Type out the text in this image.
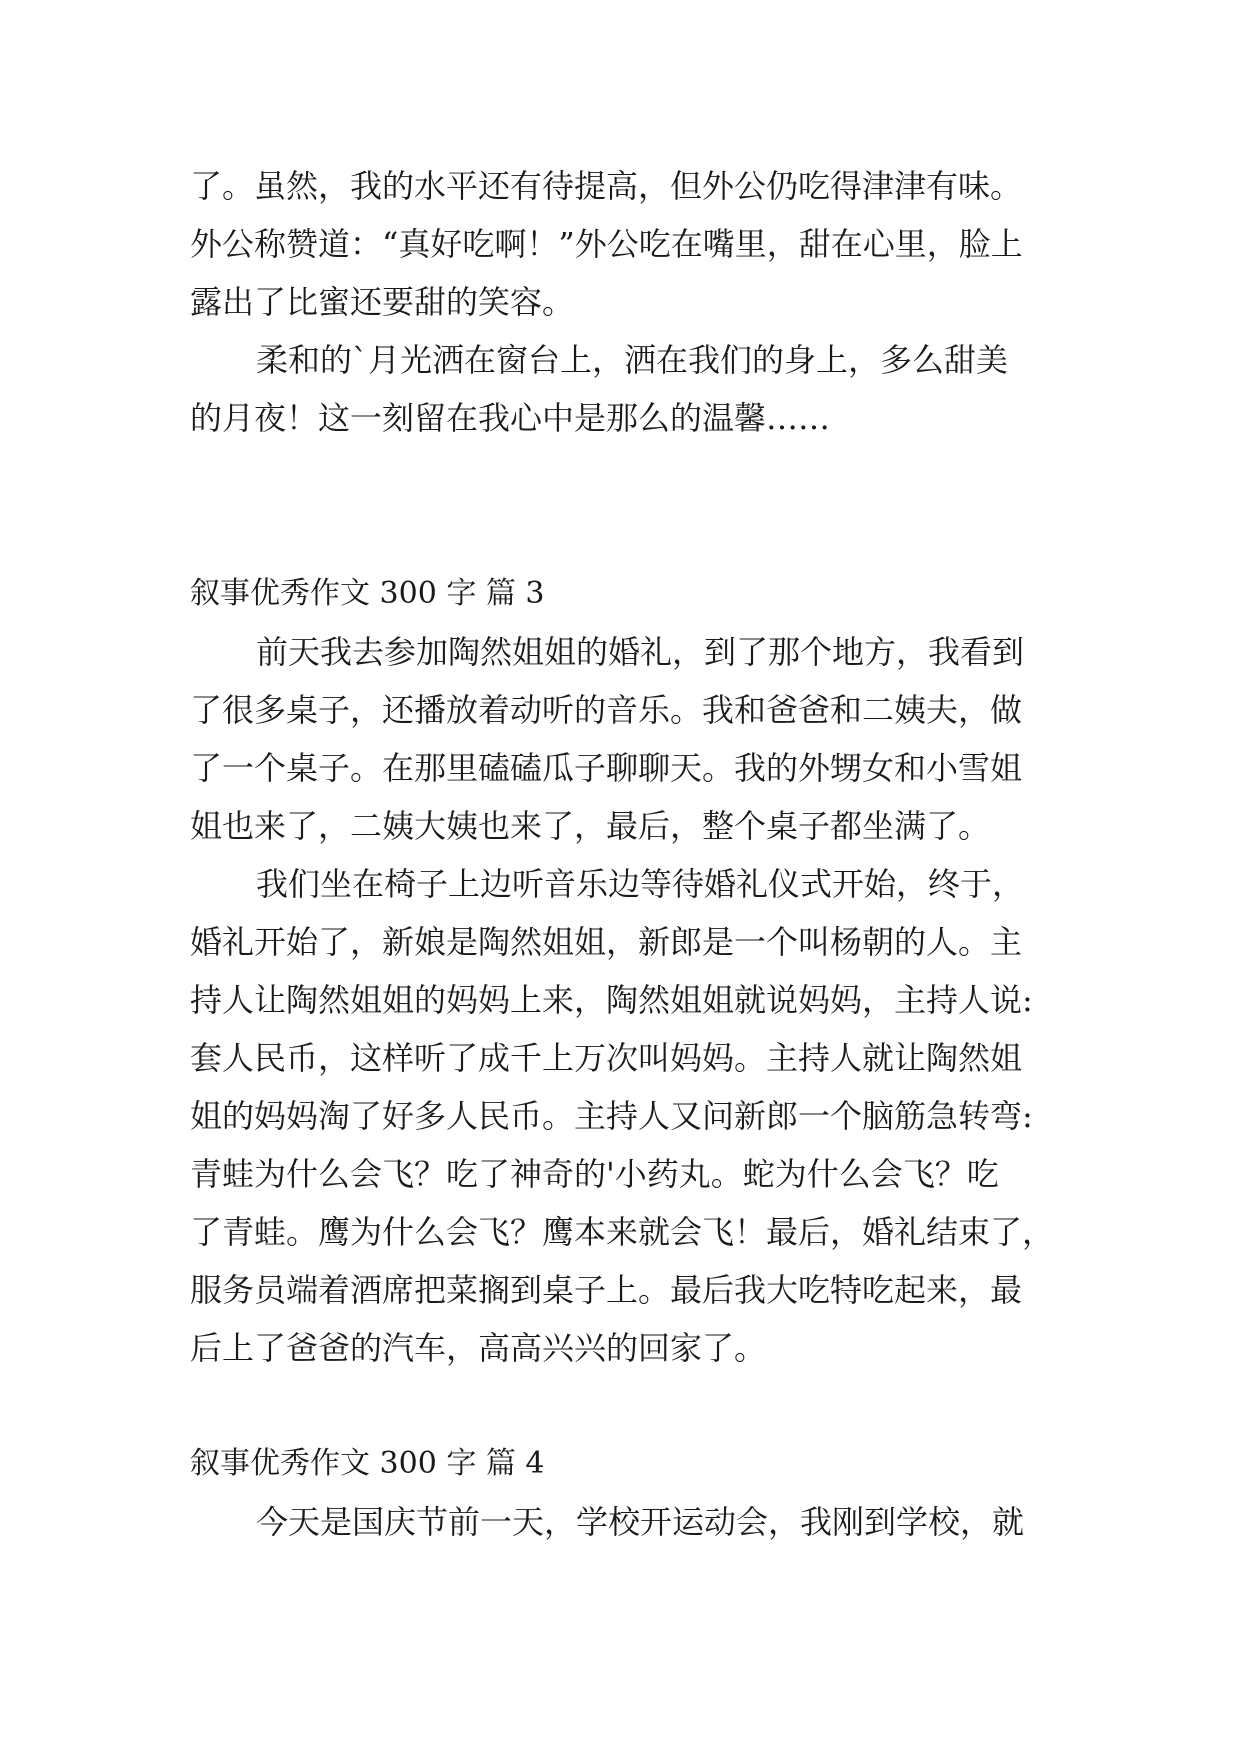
了。虽然，我的水平还有待提高，但外公仍吃得津津有味。
外公称赞道：“真好吃啊！”外公吃在嘴里，甜在心里，脸上
露出了比蜜还要甜的笑容。
柔和的`月光洒在窗台上，洒在我们的身上，多么甜美
的月夜！这一刻留在我心中是那么的温馨……
叙事优秀作文 300 字 篇 3
前天我去参加陶然姐姐的婚礼，到了那个地方，我看到
了很多桌子，还播放着动听的音乐。我和爸爸和二姨夫，做
了一个桌子。在那里磕磕瓜子聊聊天。我的外甥女和小雪姐
姐也来了，二姨大姨也来了，最后，整个桌子都坐满了。
我们坐在椅子上边听音乐边等待婚礼仪式开始，终于，
婚礼开始了，新娘是陶然姐姐，新郎是一个叫杨朝的人。主
持人让陶然姐姐的妈妈上来，陶然姐姐就说妈妈，主持人说:
套人民币，这样听了成千上万次叫妈妈。主持人就让陶然姐
姐的妈妈淘了好多人民币。主持人又问新郎一个脑筋急转弯:
青蛙为什么会飞？吃了神奇的'小药丸。蛇为什么会飞？吃
了青蛙。鹰为什么会飞？鹰本来就会飞！最后，婚礼结束了，
服务员端着酒席把菜搁到桌子上。最后我大吃特吃起来，最
后上了爸爸的汽车，高高兴兴的回家了。
叙事优秀作文 300 字 篇 4
今天是国庆节前一天，学校开运动会，我刚到学校，就
